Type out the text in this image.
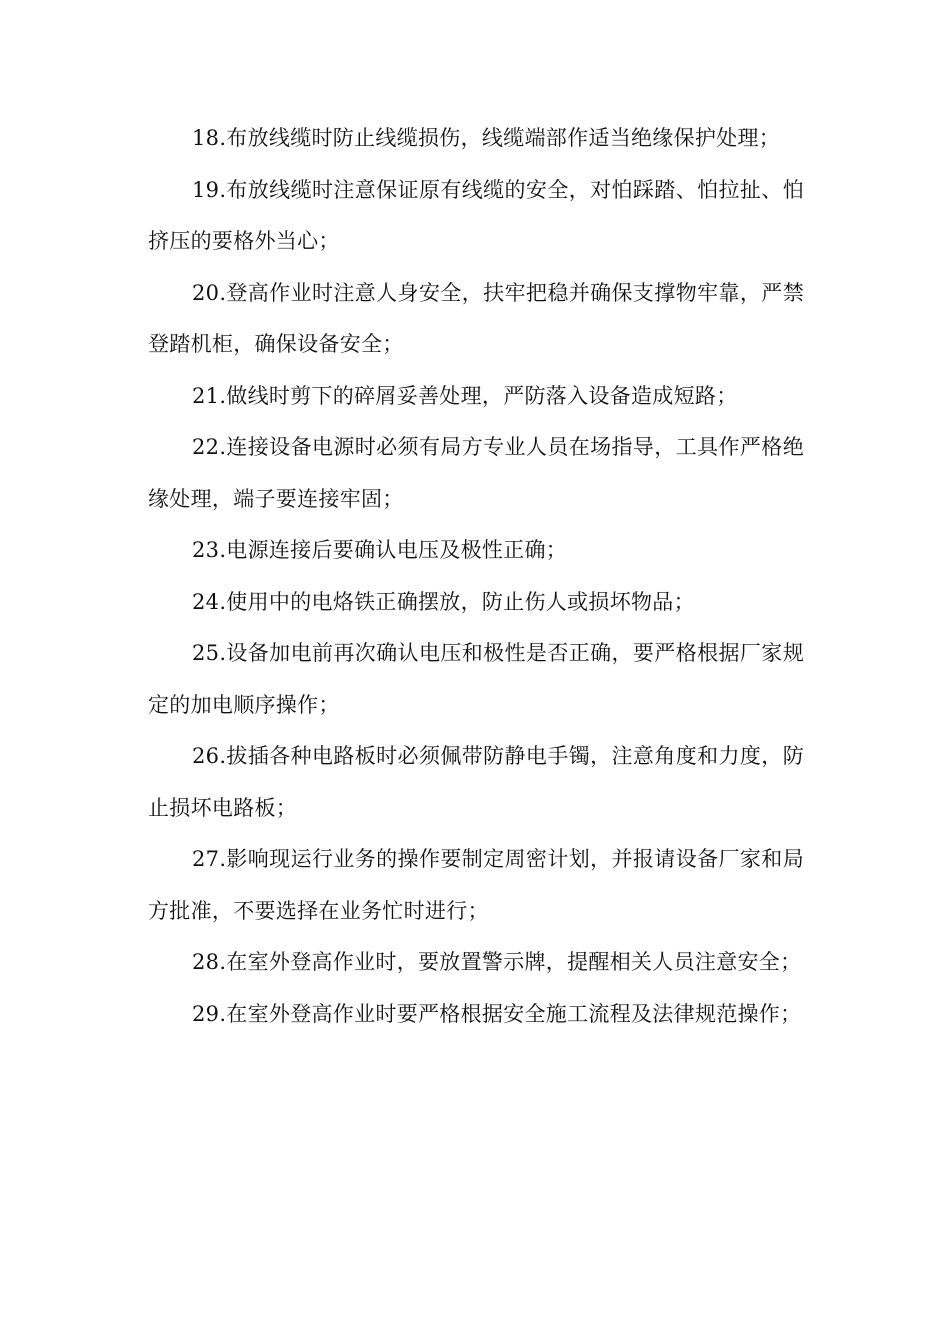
18.布放线缆时防止线缆损伤，线缆端部作适当绝缘保护处理；

19.布放线缆时注意保证原有线缆的安全，对怕踩踏、怕拉扯、怕挤压的要格外当心；

20.登高作业时注意人身安全，扶牢把稳并确保支撑物牢靠，严禁登踏机柜，确保设备安全；

21.做线时剪下的碎屑妥善处理，严防落入设备造成短路；

22.连接设备电源时必须有局方专业人员在场指导，工具作严格绝缘处理，端子要连接牢固；

23.电源连接后要确认电压及极性正确；

24.使用中的电烙铁正确摆放，防止伤人或损坏物品；

25.设备加电前再次确认电压和极性是否正确，要严格根据厂家规定的加电顺序操作；

26.拔插各种电路板时必须佩带防静电手镯，注意角度和力度，防止损坏电路板；

27.影响现运行业务的操作要制定周密计划，并报请设备厂家和局方批准，不要选择在业务忙时进行；

28.在室外登高作业时，要放置警示牌，提醒相关人员注意安全；

29.在室外登高作业时要严格根据安全施工流程及法律规范操作；
